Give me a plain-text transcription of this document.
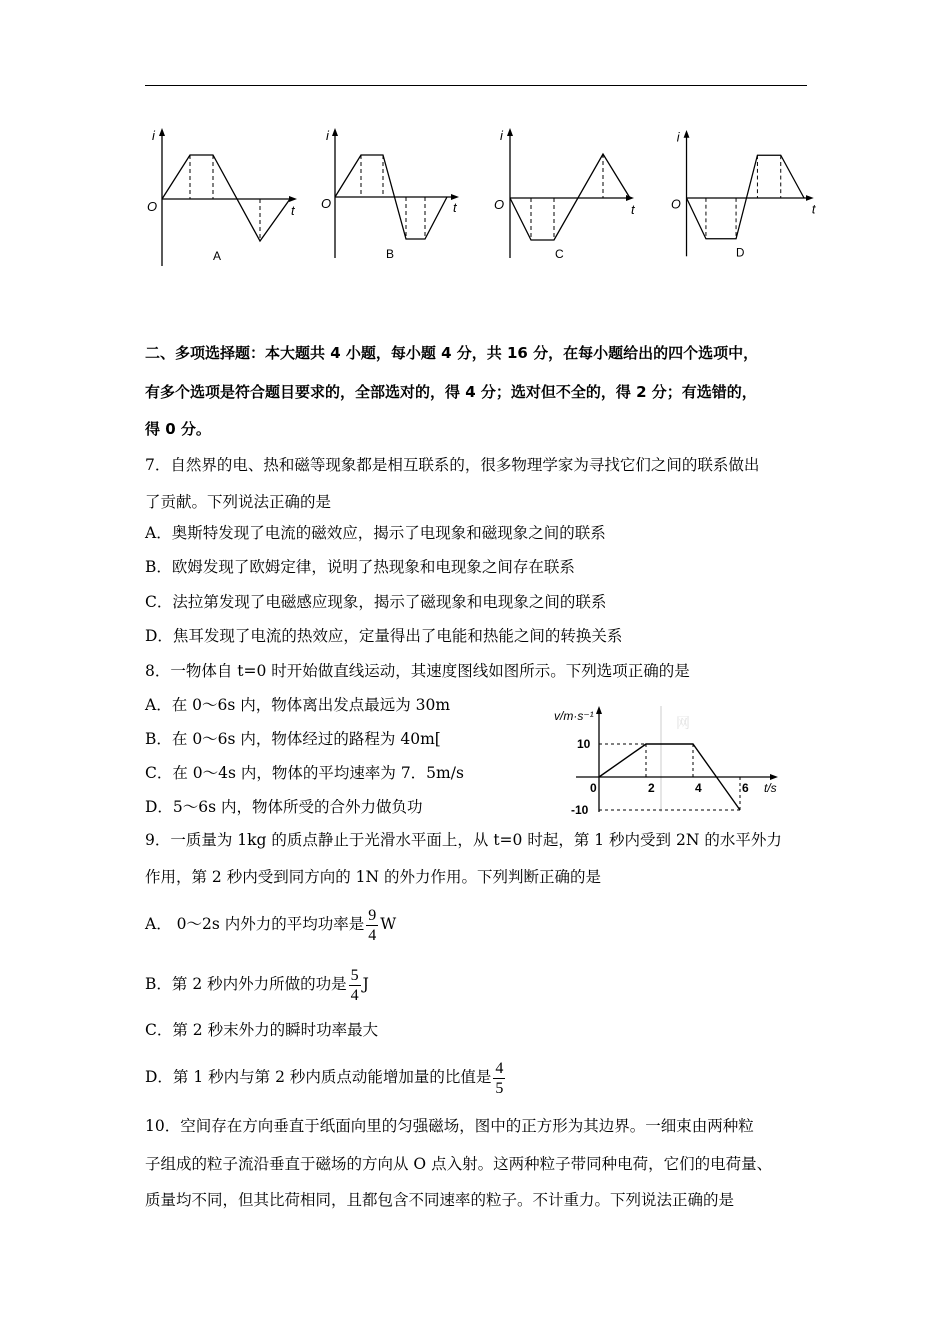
i
t
O
A
i
t
O
B
i
t
O
C
i
t
O
D
二、多项选择题：本大题共 4 小题，每小题 4 分，共 16 分，在每小题给出的四个选项中，
有多个选项是符合题目要求的，全部选对的，得 4 分；选对但不全的，得 2 分；有选错的，
得 0 分。
7．自然界的电、热和磁等现象都是相互联系的，很多物理学家为寻找它们之间的联系做出
了贡献。下列说法正确的是
A．奥斯特发现了电流的磁效应，揭示了电现象和磁现象之间的联系
B．欧姆发现了欧姆定律，说明了热现象和电现象之间存在联系
C．法拉第发现了电磁感应现象，揭示了磁现象和电现象之间的联系
D．焦耳发现了电流的热效应，定量得出了电能和热能之间的转换关系
8．一物体自 t=0 时开始做直线运动，其速度图线如图所示。下列选项正确的是
A．在 0～6s 内，物体离出发点最远为 30m
B．在 0～6s 内，物体经过的路程为 40m[
C．在 0～4s 内，物体的平均速率为 7．5m/s
D．5～6s 内，物体所受的合外力做负功
网
v/m·s⁻¹
t/s
0	2	4	6
10
-10
9．一质量为 1kg 的质点静止于光滑水平面上，从 t=0 时起，第 1 秒内受到 2N 的水平外力
作用，第 2 秒内受到同方向的 1N 的外力作用。下列判断正确的是
A． 0～2s 内外力的平均功率是 $\frac{9}{4}$ W
B．第 2 秒内外力所做的功是 $\frac{5}{4}$ J
C．第 2 秒末外力的瞬时功率最大
D．第 1 秒内与第 2 秒内质点动能增加量的比值是 $\frac{4}{5}$
10．空间存在方向垂直于纸面向里的匀强磁场，图中的正方形为其边界。一细束由两种粒
子组成的粒子流沿垂直于磁场的方向从 O 点入射。这两种粒子带同种电荷，它们的电荷量、
质量均不同，但其比荷相同，且都包含不同速率的粒子。不计重力。下列说法正确的是
